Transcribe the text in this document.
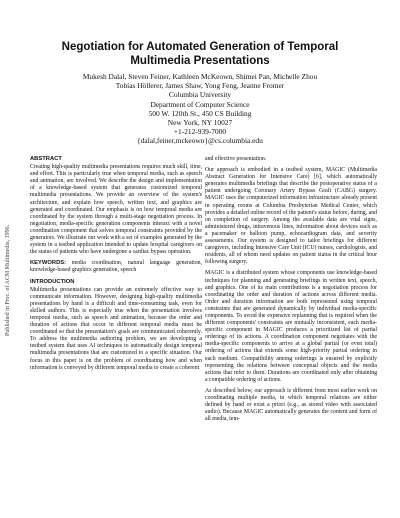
Published in Proc. of ACM Multimedia, 1996.
Negotiation for Automated Generation of Temporal
Multimedia Presentations
Mukesh Dalal, Steven Feiner, Kathleen McKeown, Shimei Pan, Michelle Zhou
Tobias Höllerer, James Shaw, Yong Feng, Jeanne Fromer
Columbia University
Department of Computer Science
500 W. 120th St., 450 CS Building
New York, NY 10027
+1-212-939-7000
{dalal,feiner,mckeown}@cs.columbia.edu
ABSTRACT

Creating high-quality multimedia presentations requires much skill, time, and effort. This is particularly true when temporal media, such as speech and animation, are involved. We describe the design and implementation of a knowledge-based system that generates customized temporal multimedia presentations. We provide an overview of the system's architecture, and explain how speech, written text, and graphics are generated and coordinated. Our emphasis is on how temporal media are coordinated by the system through a multi-stage negotiation process. In negotiation, media-specific generation components interact with a novel coordination component that solves temporal constraints provided by the generators. We illustrate our work with a set of examples generated by the system in a testbed application intended to update hospital caregivers on the status of patients who have undergone a cardiac bypass operation.

KEYWORDS: media coordination, natural language generation, knowledge-based graphics generation, speech

INTRODUCTION

Multimedia presentations can provide an extremely effective way to communicate information. However, designing high-quality multimedia presentations by hand is a difficult and time-consuming task, even for skilled authors. This is especially true when the presentation involves temporal media, such as speech and animation, because the order and duration of actions that occur in different temporal media must be coordinated so that the presentation's goals are communicated coherently. To address the multimedia authoring problem, we are developing a testbed system that uses AI techniques to automatically design temporal multimedia presentations that are customized to a specific situation. Our focus in this paper is on the problem of coordinating how and when information is conveyed by different temporal media to create a coherent

and effective presentation.

Our approach is embodied in a testbed system, MAGIC (Multimedia Abstract Generation for Intensive Care) [6], which automatically generates multimedia briefings that describe the postoperative status of a patient undergoing Coronary Artery Bypass Graft (CABG) surgery. MAGIC uses the computerized information infrastructure already present in operating rooms at Columbia Presbyterian Medical Center, which provides a detailed online record of the patient's status before, during, and on completion of surgery. Among the available data are vital signs, administered drugs, intravenous lines, information about devices such as a pacemaker or balloon pump, echocardiogram data, and severity assessments. Our system is designed to tailor briefings for different caregivers, including Intensive Care Unit (ICU) nurses, cardiologists, and residents, all of whom need updates on patient status in the critical hour following surgery.

MAGIC is a distributed system whose components use knowledge-based techniques for planning and generating briefings in written text, speech, and graphics. One of its main contributions is a negotiation process for coordinating the order and duration of actions across different media. Order and duration information are both represented using temporal constraints that are generated dynamically by individual media-specific components. To avoid the expensive replanning that is required when the different components' constraints are mutually inconsistent, each media-specific component in MAGIC produces a prioritized list of partial orderings of its actions. A coordination component negotiates with the media-specific components to arrive at a global partial (or even total) ordering of actions that extends some high-priority partial ordering in each medium. Compatibility among orderings is ensured by explicitly representing the relations between conceptual objects and the media actions that refer to them. Durations are coordinated only after obtaining a compatible ordering of actions.

As described below, our approach is different from most earlier work on coordinating multiple media, in which temporal relations are either defined by hand or exist a priori (e.g., as stored video with associated audio). Because MAGIC automatically generates the content and form of all media, tem-
